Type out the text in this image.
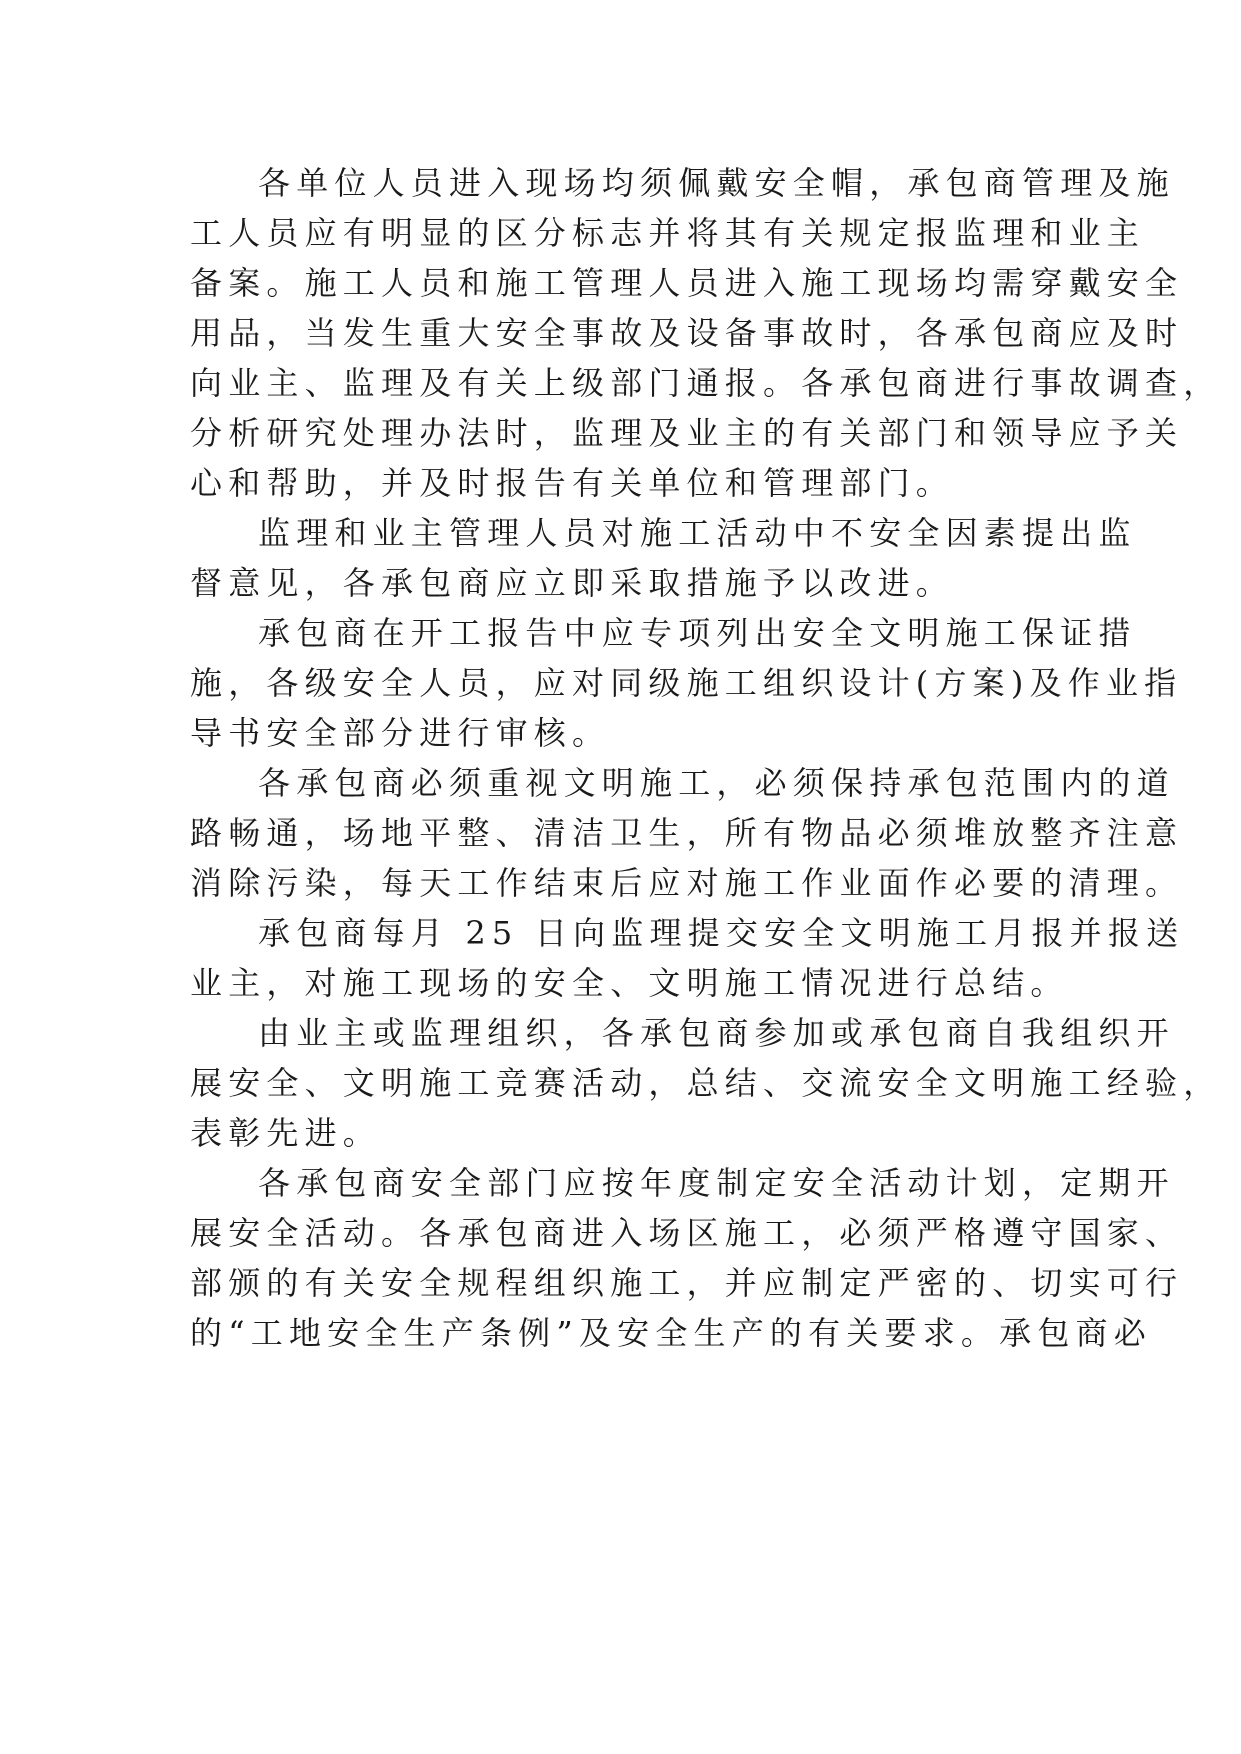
各单位人员进入现场均须佩戴安全帽，承包商管理及施
工人员应有明显的区分标志并将其有关规定报监理和业主
备案。施工人员和施工管理人员进入施工现场均需穿戴安全
用品，当发生重大安全事故及设备事故时，各承包商应及时
向业主、监理及有关上级部门通报。各承包商进行事故调查，
分析研究处理办法时，监理及业主的有关部门和领导应予关
心和帮助，并及时报告有关单位和管理部门。

监理和业主管理人员对施工活动中不安全因素提出监
督意见，各承包商应立即采取措施予以改进。

承包商在开工报告中应专项列出安全文明施工保证措
施，各级安全人员，应对同级施工组织设计(方案)及作业指
导书安全部分进行审核。

各承包商必须重视文明施工，必须保持承包范围内的道
路畅通，场地平整、清洁卫生，所有物品必须堆放整齐注意
消除污染，每天工作结束后应对施工作业面作必要的清理。

承包商每月 25 日向监理提交安全文明施工月报并报送
业主，对施工现场的安全、文明施工情况进行总结。

由业主或监理组织，各承包商参加或承包商自我组织开
展安全、文明施工竞赛活动，总结、交流安全文明施工经验，
表彰先进。

各承包商安全部门应按年度制定安全活动计划，定期开
展安全活动。各承包商进入场区施工，必须严格遵守国家、
部颁的有关安全规程组织施工，并应制定严密的、切实可行
的“工地安全生产条例”及安全生产的有关要求。承包商必
